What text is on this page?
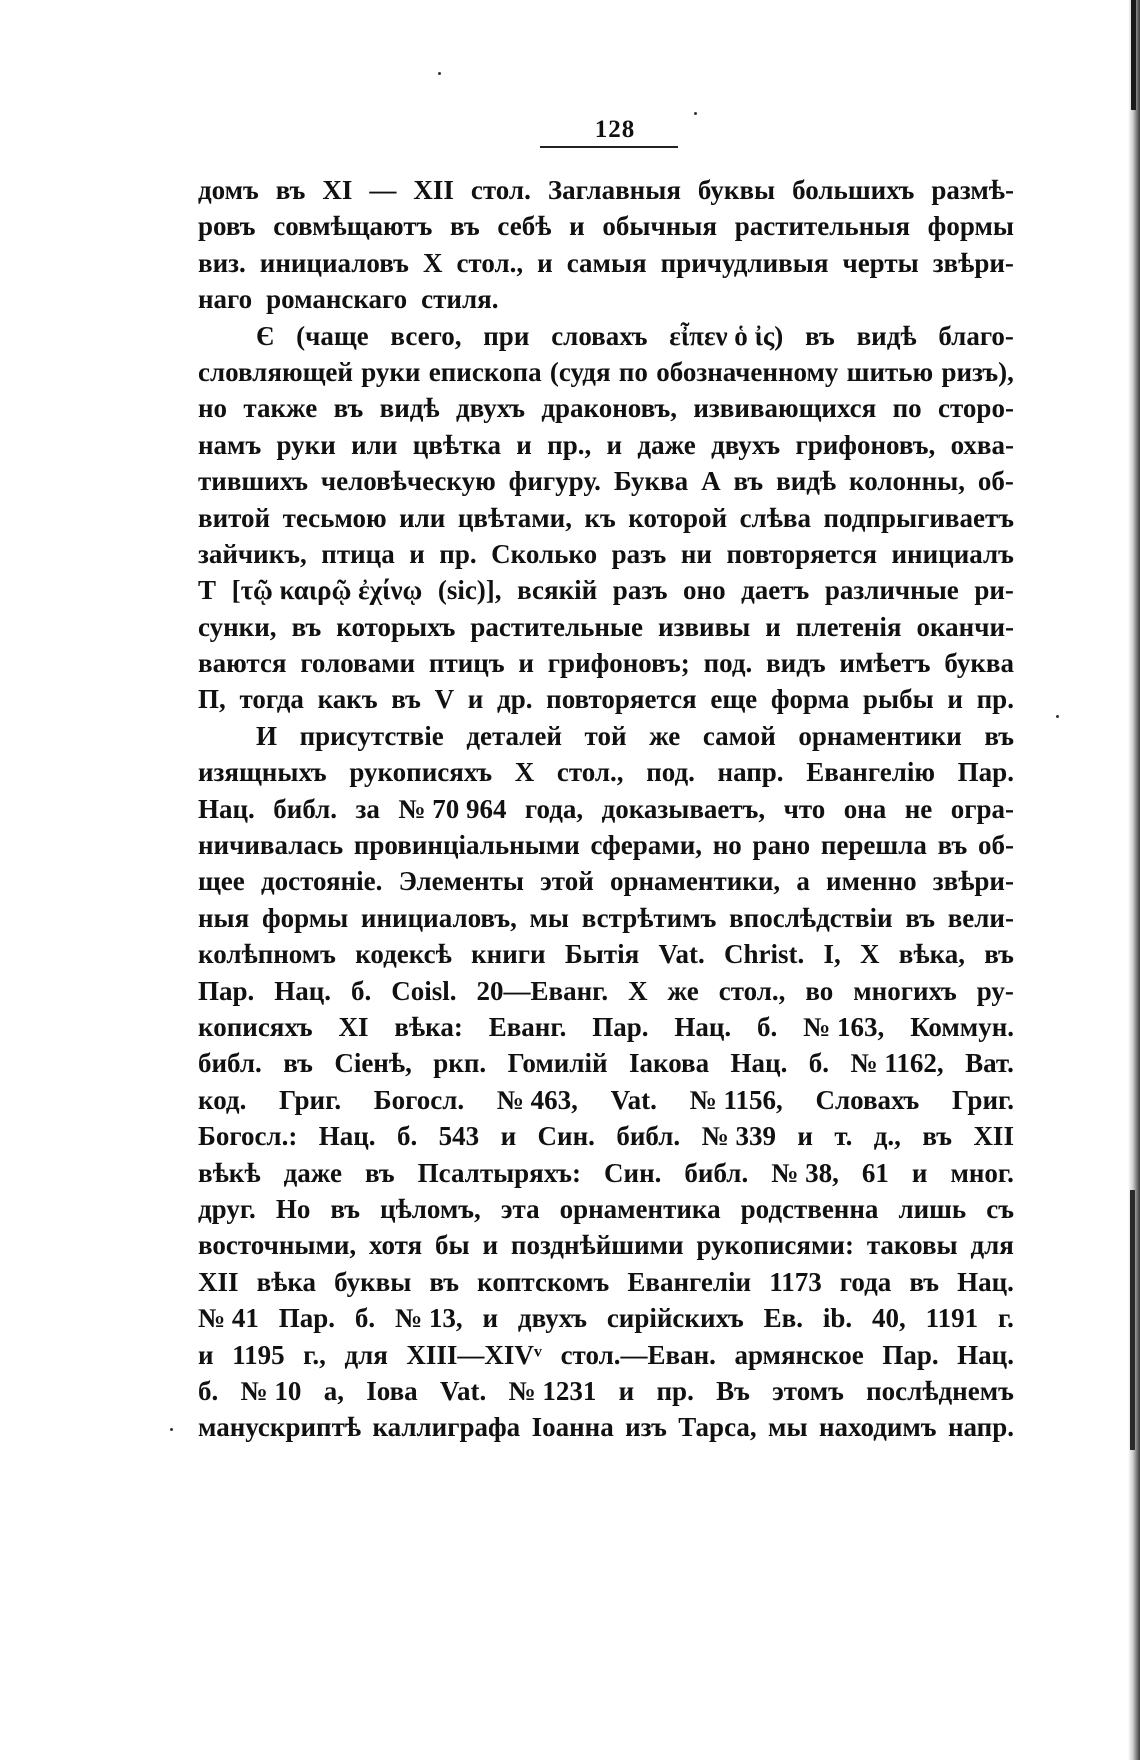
128
домъ въ XI — XII стол. Заглавныя буквы большихъ размѣ-
ровъ совмѣщаютъ въ себѣ и обычныя растительныя формы
виз. инициаловъ X стол., и самыя причудливыя черты звѣри-
наго романскаго стиля.
Є (чаще всего, при словахъ εἶπεν ὁ ἰς) въ видѣ благо-
словляющей руки епископа (судя по обозначенному шитью ризъ),
но также въ видѣ двухъ драконовъ, извивающихся по сторо-
намъ руки или цвѣтка и пр., и даже двухъ грифоновъ, охва-
тившихъ человѣческую фигуру. Буква А въ видѣ колонны, об-
витой тесьмою или цвѣтами, къ которой слѣва подпрыгиваетъ
зайчикъ, птица и пр. Сколько разъ ни повторяется инициалъ
Т [τῷ καιρῷ ἐχίνῳ (sic)], всякій разъ оно даетъ различные ри-
сунки, въ которыхъ растительные извивы и плетенія оканчи-
ваются головами птицъ и грифоновъ; под. видъ имѣетъ буква
П, тогда какъ въ V и др. повторяется еще форма рыбы и пр.
И присутствіе деталей той же самой орнаментики въ
изящныхъ рукописяхъ X стол., под. напр. Евангелію Пар.
Нац. библ. за № 70 964 года, доказываетъ, что она не огра-
ничивалась провинціальными сферами, но рано перешла въ об-
щее достояніе. Элементы этой орнаментики, а именно звѣри-
ныя формы инициаловъ, мы встрѣтимъ впослѣдствіи въ вели-
колѣпномъ кодексѣ книги Бытія Vat. Christ. I, X вѣка, въ
Пар. Нац. б. Coisl. 20—Еванг. X же стол., во многихъ ру-
кописяхъ XI вѣка: Еванг. Пар. Нац. б. № 163, Коммун.
библ. въ Сіенѣ, ркп. Гомилій Іакова Нац. б. № 1162, Ват.
код. Григ. Богосл. № 463, Vat. № 1156, Словахъ Григ.
Богосл.: Нац. б. 543 и Син. библ. № 339 и т. д., въ XII
вѣкѣ даже въ Псалтыряхъ: Син. библ. № 38, 61 и мног.
друг. Но въ цѣломъ, эта орнаментика родственна лишь съ
восточными, хотя бы и позднѣйшими рукописями: таковы для
XII вѣка буквы въ коптскомъ Евангеліи 1173 года въ Нац.
№ 41 Пар. б. № 13, и двухъ сирійскихъ Ев. ib. 40, 1191 г.
и 1195 г., для XIII—XIVᵛ стол.—Еван. армянское Пар. Нац.
б. № 10 а, Іова Vat. № 1231 и пр. Въ этомъ послѣднемъ
манускриптѣ каллиграфа Іоанна изъ Тарса, мы находимъ напр.
